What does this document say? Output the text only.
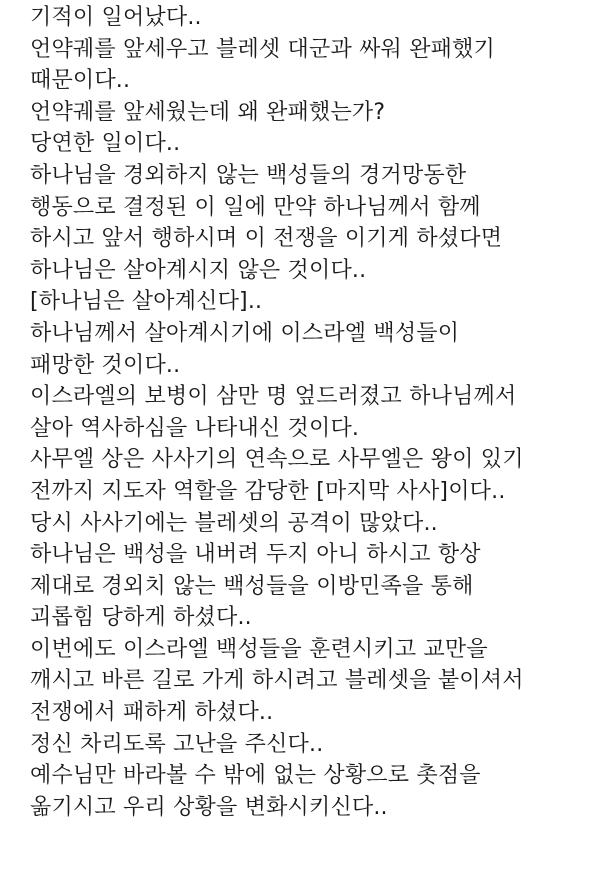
기적이 일어났다..
언약궤를 앞세우고 블레셋 대군과 싸워 완패했기
때문이다..
언약궤를 앞세웠는데 왜 완패했는가?
당연한 일이다..
하나님을 경외하지 않는 백성들의 경거망동한
행동으로 결정된 이 일에 만약 하나님께서 함께
하시고 앞서 행하시며 이 전쟁을 이기게 하셨다면
하나님은 살아계시지 않은 것이다..
[하나님은 살아계신다]..
하나님께서 살아계시기에 이스라엘 백성들이
패망한 것이다..
이스라엘의 보병이 삼만 명 엎드러졌고 하나님께서
살아 역사하심을 나타내신 것이다.
사무엘 상은 사사기의 연속으로 사무엘은 왕이 있기
전까지 지도자 역할을 감당한 [마지막 사사]이다..
당시 사사기에는 블레셋의 공격이 많았다..
하나님은 백성을 내버려 두지 아니 하시고 항상
제대로 경외치 않는 백성들을 이방민족을 통해
괴롭힘 당하게 하셨다..
이번에도 이스라엘 백성들을 훈련시키고 교만을
깨시고 바른 길로 가게 하시려고 블레셋을 붙이셔서
전쟁에서 패하게 하셨다..
정신 차리도록 고난을 주신다..
예수님만 바라볼 수 밖에 없는 상황으로 촛점을
옮기시고 우리 상황을 변화시키신다..
